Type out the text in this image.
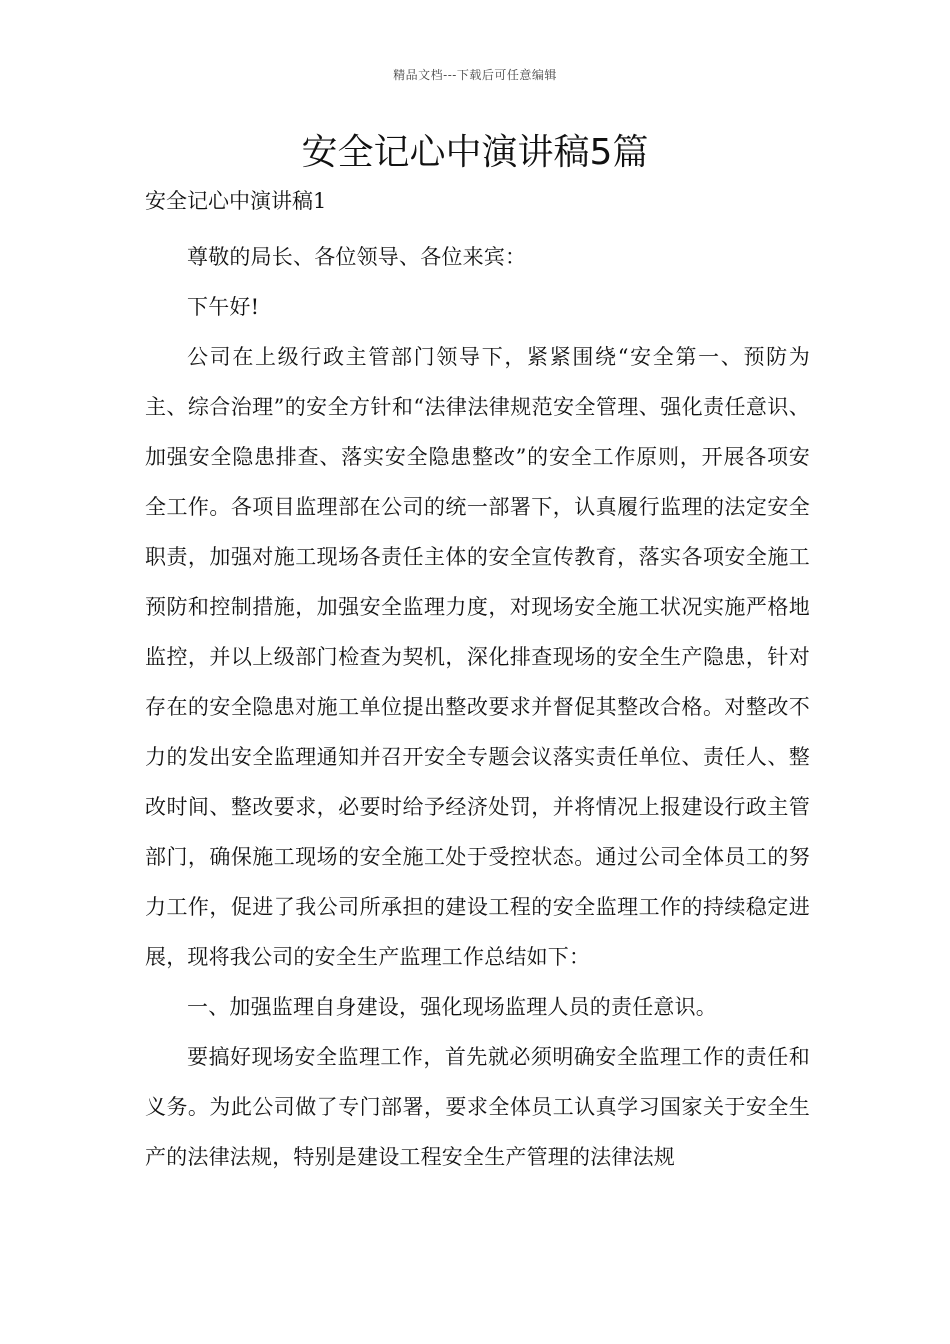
精品文档---下载后可任意编辑
安全记心中演讲稿5篇

安全记心中演讲稿1

尊敬的局长、各位领导、各位来宾：

下午好!

公司在上级行政主管部门领导下，紧紧围绕“安全第一、预防为主、综合治理”的安全方针和“法律法律规范安全管理、强化责任意识、加强安全隐患排查、落实安全隐患整改”的安全工作原则，开展各项安全工作。各项目监理部在公司的统一部署下，认真履行监理的法定安全职责，加强对施工现场各责任主体的安全宣传教育，落实各项安全施工预防和控制措施，加强安全监理力度，对现场安全施工状况实施严格地监控，并以上级部门检查为契机，深化排查现场的安全生产隐患，针对存在的安全隐患对施工单位提出整改要求并督促其整改合格。对整改不力的发出安全监理通知并召开安全专题会议落实责任单位、责任人、整改时间、整改要求，必要时给予经济处罚，并将情况上报建设行政主管部门，确保施工现场的安全施工处于受控状态。通过公司全体员工的努力工作，促进了我公司所承担的建设工程的安全监理工作的持续稳定进展，现将我公司的安全生产监理工作总结如下：

一、加强监理自身建设，强化现场监理人员的责任意识。

要搞好现场安全监理工作，首先就必须明确安全监理工作的责任和义务。为此公司做了专门部署，要求全体员工认真学习国家关于安全生产的法律法规，特别是建设工程安全生产管理的法律法规
